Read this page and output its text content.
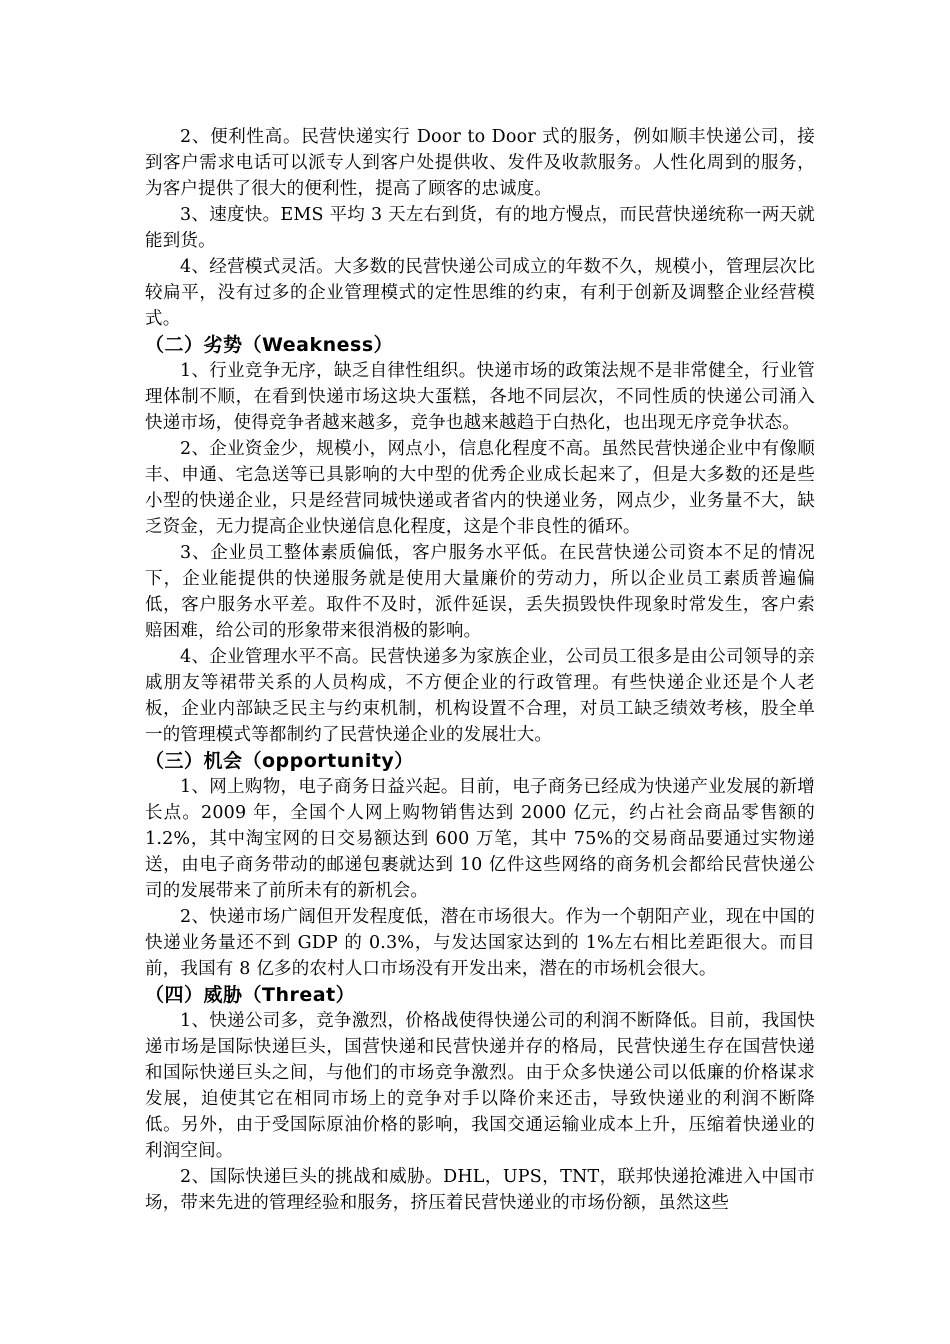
2、便利性高。民营快递实行 Door to Door 式的服务，例如顺丰快递公司，接到客户需求电话可以派专人到客户处提供收、发件及收款服务。人性化周到的服务，为客户提供了很大的便利性，提高了顾客的忠诚度。

3、速度快。EMS 平均 3 天左右到货，有的地方慢点，而民营快递统称一两天就能到货。

4、经营模式灵活。大多数的民营快递公司成立的年数不久，规模小，管理层次比较扁平，没有过多的企业管理模式的定性思维的约束，有利于创新及调整企业经营模式。

（二）劣势（Weakness）

1、行业竞争无序，缺乏自律性组织。快递市场的政策法规不是非常健全，行业管理体制不顺，在看到快递市场这块大蛋糕，各地不同层次，不同性质的快递公司涌入快递市场，使得竞争者越来越多，竞争也越来越趋于白热化，也出现无序竞争状态。

2、企业资金少，规模小，网点小，信息化程度不高。虽然民营快递企业中有像顺丰、申通、宅急送等已具影响的大中型的优秀企业成长起来了，但是大多数的还是些小型的快递企业，只是经营同城快递或者省内的快递业务，网点少，业务量不大，缺乏资金，无力提高企业快递信息化程度，这是个非良性的循环。

3、企业员工整体素质偏低，客户服务水平低。在民营快递公司资本不足的情况下，企业能提供的快递服务就是使用大量廉价的劳动力，所以企业员工素质普遍偏低，客户服务水平差。取件不及时，派件延误，丢失损毁快件现象时常发生，客户索赔困难，给公司的形象带来很消极的影响。

4、企业管理水平不高。民营快递多为家族企业，公司员工很多是由公司领导的亲戚朋友等裙带关系的人员构成，不方便企业的行政管理。有些快递企业还是个人老板，企业内部缺乏民主与约束机制，机构设置不合理，对员工缺乏绩效考核，股全单一的管理模式等都制约了民营快递企业的发展壮大。

（三）机会（opportunity）

1、网上购物，电子商务日益兴起。目前，电子商务已经成为快递产业发展的新增长点。2009 年，全国个人网上购物销售达到 2000 亿元，约占社会商品零售额的 1.2%，其中淘宝网的日交易额达到 600 万笔，其中 75%的交易商品要通过实物递送，由电子商务带动的邮递包裹就达到 10 亿件这些网络的商务机会都给民营快递公司的发展带来了前所未有的新机会。

2、快递市场广阔但开发程度低，潜在市场很大。作为一个朝阳产业，现在中国的快递业务量还不到 GDP 的 0.3%，与发达国家达到的 1%左右相比差距很大。而目前，我国有 8 亿多的农村人口市场没有开发出来，潜在的市场机会很大。

（四）威胁（Threat）

1、快递公司多，竞争激烈，价格战使得快递公司的利润不断降低。目前，我国快递市场是国际快递巨头，国营快递和民营快递并存的格局，民营快递生存在国营快递和国际快递巨头之间，与他们的市场竞争激烈。由于众多快递公司以低廉的价格谋求发展，迫使其它在相同市场上的竞争对手以降价来还击，导致快递业的利润不断降低。另外，由于受国际原油价格的影响，我国交通运输业成本上升，压缩着快递业的利润空间。

2、国际快递巨头的挑战和威胁。DHL，UPS，TNT，联邦快递抢滩进入中国市场，带来先进的管理经验和服务，挤压着民营快递业的市场份额，虽然这些
